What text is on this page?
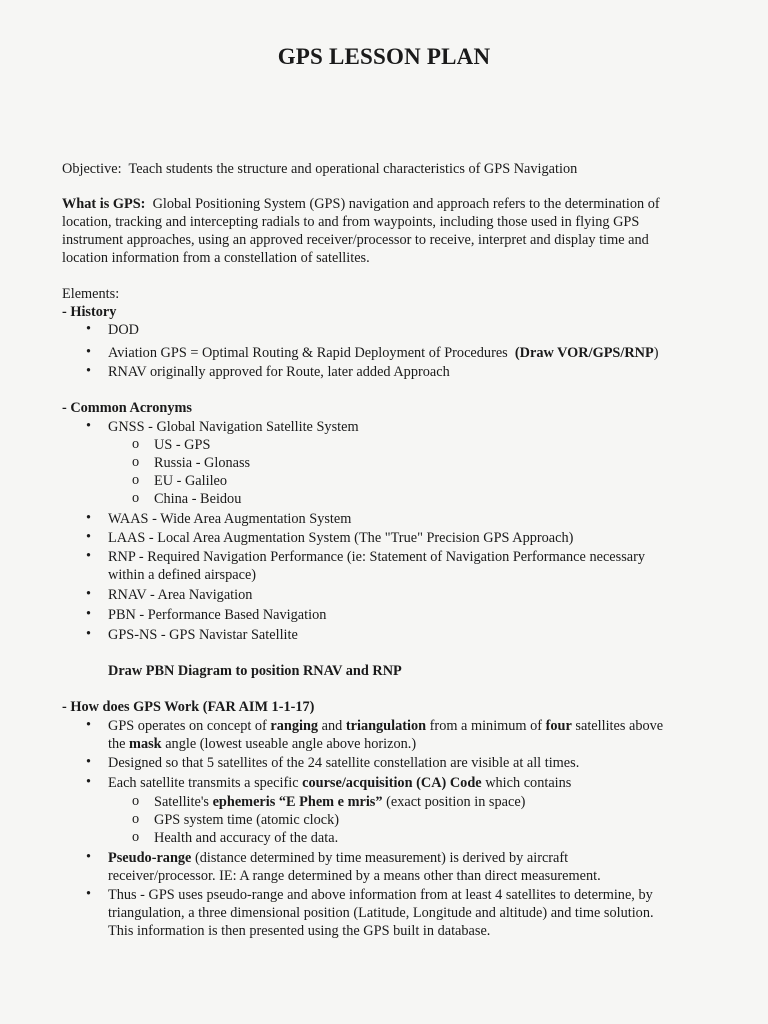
GPS LESSON PLAN
Objective: Teach students the structure and operational characteristics of GPS Navigation
What is GPS: Global Positioning System (GPS) navigation and approach refers to the determination of
location, tracking and intercepting radials to and from waypoints, including those used in flying GPS
instrument approaches, using an approved receiver/processor to receive, interpret and display time and
location information from a constellation of satellites.
Elements:
- History
• DOD
• Aviation GPS = Optimal Routing & Rapid Deployment of Procedures (Draw VOR/GPS/RNP)
• RNAV originally approved for Route, later added Approach
- Common Acronyms
• GNSS - Global Navigation Satellite System
o US - GPS
o Russia - Glonass
o EU - Galileo
o China - Beidou
• WAAS - Wide Area Augmentation System
• LAAS - Local Area Augmentation System (The "True" Precision GPS Approach)
• RNP - Required Navigation Performance (ie: Statement of Navigation Performance necessary
within a defined airspace)
• RNAV - Area Navigation
• PBN - Performance Based Navigation
• GPS-NS - GPS Navistar Satellite
Draw PBN Diagram to position RNAV and RNP
- How does GPS Work (FAR AIM 1-1-17)
• GPS operates on concept of ranging and triangulation from a minimum of four satellites above
the mask angle (lowest useable angle above horizon.)
• Designed so that 5 satellites of the 24 satellite constellation are visible at all times.
• Each satellite transmits a specific course/acquisition (CA) Code which contains
o Satellite's ephemeris “E Phem e mris” (exact position in space)
o GPS system time (atomic clock)
o Health and accuracy of the data.
• Pseudo-range (distance determined by time measurement) is derived by aircraft
receiver/processor. IE: A range determined by a means other than direct measurement.
• Thus - GPS uses pseudo-range and above information from at least 4 satellites to determine, by
triangulation, a three dimensional position (Latitude, Longitude and altitude) and time solution.
This information is then presented using the GPS built in database.
